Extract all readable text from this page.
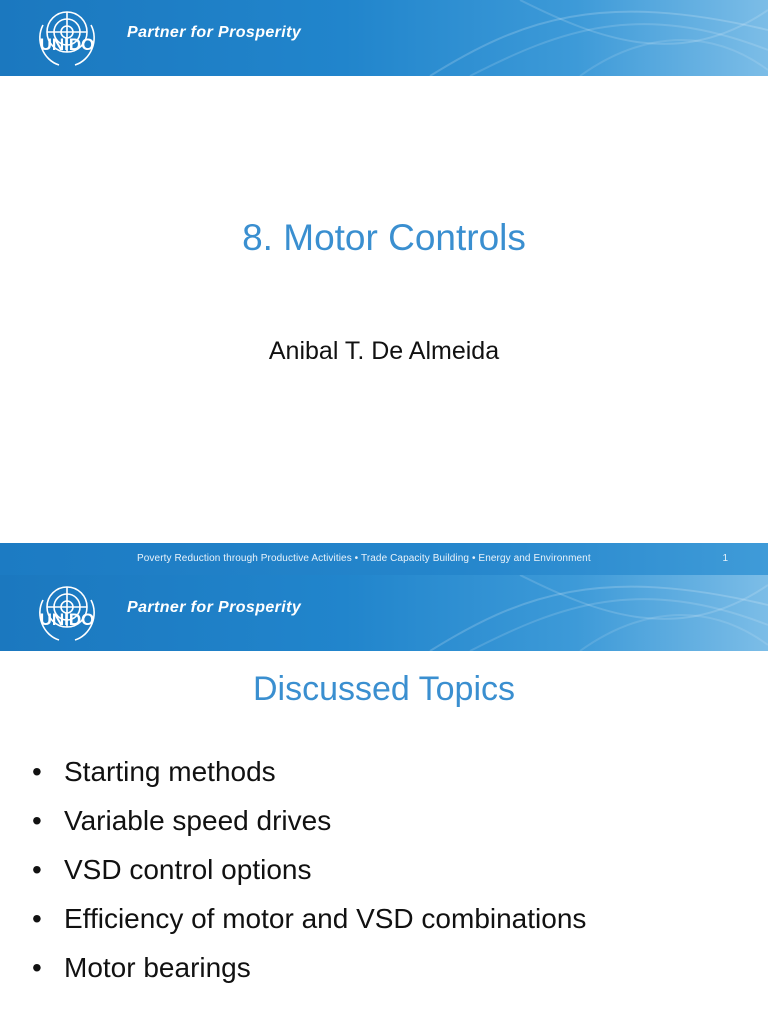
UNIDO
Partner for Prosperity
8. Motor Controls
Anibal T. De Almeida
Poverty Reduction through Productive Activities • Trade Capacity Building • Energy and Environment	1
UNIDO
Partner for Prosperity
Discussed Topics
• Starting methods
• Variable speed drives
• VSD control options
• Efficiency of motor and VSD combinations
• Motor bearings
